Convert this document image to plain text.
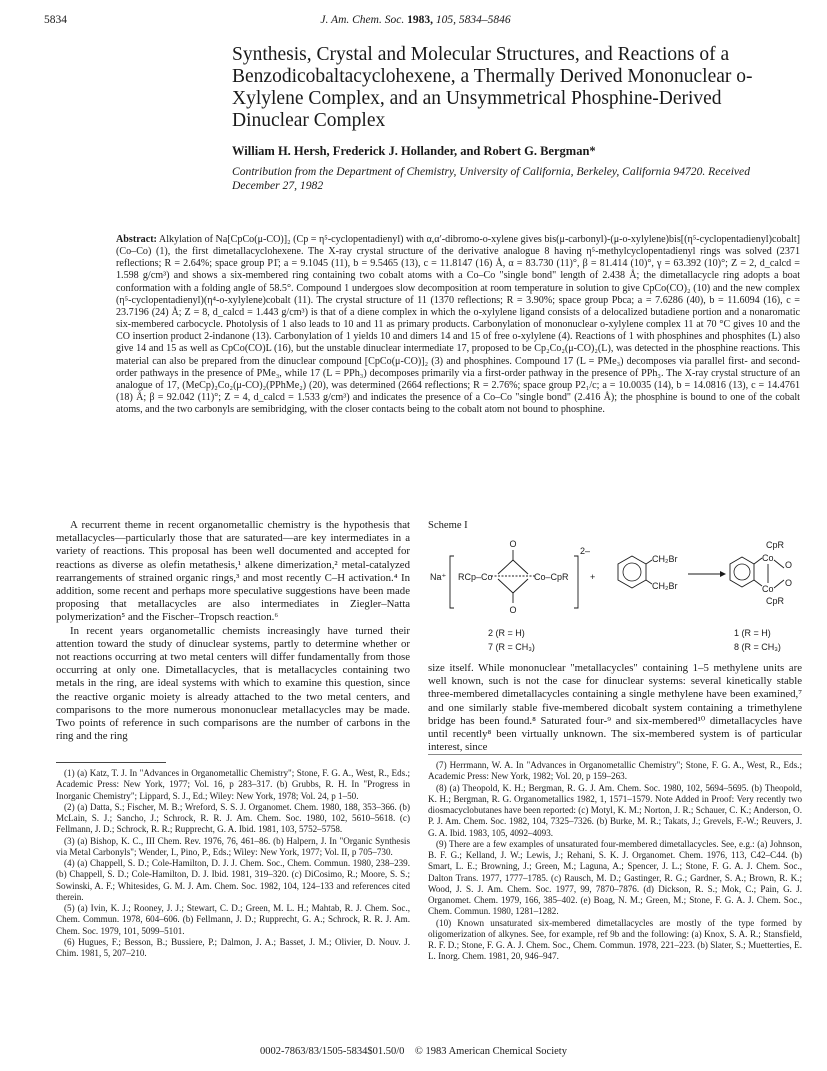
5834	J. Am. Chem. Soc. 1983, 105, 5834–5846
Synthesis, Crystal and Molecular Structures, and Reactions of a Benzodicobaltacyclohexene, a Thermally Derived Mononuclear o-Xylylene Complex, and an Unsymmetrical Phosphine-Derived Dinuclear Complex
William H. Hersh, Frederick J. Hollander, and Robert G. Bergman*
Contribution from the Department of Chemistry, University of California, Berkeley, California 94720. Received December 27, 1982
Abstract: Alkylation of Na[CpCo(μ-CO)]₂ (Cp = η⁵-cyclopentadienyl) with α,α′-dibromo-o-xylene gives bis(μ-carbonyl)-(μ-o-xylylene)bis[(η⁵-cyclopentadienyl)cobalt](Co–Co) (1), the first dimetallacyclohexene. The X-ray crystal structure of the derivative analogue 8 having η⁵-methylcyclopentadienyl rings was solved (2371 reflections; R = 2.64%; space group P1̄; a = 9.1045 (11), b = 9.5465 (13), c = 11.8147 (16) Å, α = 83.730 (11)°, β = 81.414 (10)°, γ = 63.392 (10)°; Z = 2, d_calcd = 1.598 g/cm³) and shows a six-membered ring containing two cobalt atoms with a Co–Co "single bond" length of 2.438 Å; the dimetallacycle ring adopts a boat conformation with a folding angle of 58.5°. Compound 1 undergoes slow decomposition at room temperature in solution to give CpCo(CO)₂ (10) and the new complex (η⁵-cyclopentadienyl)(η⁴-o-xylylene)cobalt (11). The crystal structure of 11 (1370 reflections; R = 3.90%; space group Pbca; a = 7.6286 (40), b = 11.6094 (16), c = 23.7196 (24) Å; Z = 8, d_calcd = 1.443 g/cm³) is that of a diene complex in which the o-xylylene ligand consists of a delocalized butadiene portion and a nonaromatic six-membered carbocycle. Photolysis of 1 also leads to 10 and 11 as primary products. Carbonylation of mononuclear o-xylylene complex 11 at 70 °C gives 10 and the CO insertion product 2-indanone (13). Carbonylation of 1 yields 10 and dimers 14 and 15 of free o-xylylene (4). Reactions of 1 with phosphines and phosphites (L) also give 14 and 15 as well as CpCo(CO)L (16), but the unstable dinuclear intermediate 17, proposed to be Cp₂Co₂(μ-CO)₂(L), was detected in the phosphine reactions. This material can also be prepared from the dinuclear compound [CpCo(μ-CO)]₂ (3) and phosphines. Compound 17 (L = PMe₃) decomposes via parallel first- and second-order pathways in the presence of PMe₃, while 17 (L = PPh₃) decomposes primarily via a first-order pathway in the presence of PPh₃. The X-ray crystal structure of an analogue of 17, (MeCp)₂Co₂(μ-CO)₂(PPhMe₂) (20), was determined (2664 reflections; R = 2.76%; space group P2₁/c; a = 10.0035 (14), b = 14.0816 (13), c = 14.4761 (18) Å; β = 92.042 (11)°; Z = 4, d_calcd = 1.533 g/cm³) and indicates the presence of a Co–Co "single bond" (2.416 Å); the phosphine is bound to one of the cobalt atoms, and the two carbonyls are semibridging, with the closer contacts being to the cobalt atom not bound to phosphine.

A recurrent theme in recent organometallic chemistry is the hypothesis that metallacycles—particularly those that are saturated—are key intermediates in a variety of reactions. This proposal has been well documented and accepted for reactions as diverse as olefin metathesis,¹ alkene dimerization,² metal-catalyzed rearrangements of strained organic rings,³ and most recently C–H activation.⁴ In addition, some recent and perhaps more speculative suggestions have been made proposing that metallacycles are also intermediates in Ziegler–Natta polymerization⁵ and the Fischer–Tropsch reaction.⁶

In recent years organometallic chemists increasingly have turned their attention toward the study of dinuclear systems, partly to determine whether or not reactions occurring at two metal centers will differ fundamentally from those occurring at only one. Dimetallacycles, that is metallacycles containing two metals in the ring, are ideal systems with which to examine this question, since the reactive organic moiety is already attached to the two metal centers, and comparisons to the more numerous mononuclear metallacycles may be made. Two points of reference in such comparisons are the number of carbons in the ring and the ring

Scheme I
Na⁺ RCp–Co
O
O
Co–CpR
2–
+
CH₂Br
CH₂Br
Co
Co
O
O
CpR
CpR
2 (R = H)
7 (R = CH₃)
1 (R = H)
8 (R = CH₃)
size itself. While mononuclear "metallacycles" containing 1–5 methylene units are well known, such is not the case for dinuclear systems: several kinetically stable three-membered dimetallacycles containing a single methylene have been examined,⁷ and one similarly stable five-membered dicobalt system containing a trimethylene bridge has been found.⁸ Saturated four-⁹ and six-membered¹⁰ dimetallacycles have until recently⁸ been virtually unknown. The six-membered system is of particular interest, since

(1) (a) Katz, T. J. In "Advances in Organometallic Chemistry"; Stone, F. G. A., West, R., Eds.; Academic Press: New York, 1977; Vol. 16, p 283–317. (b) Grubbs, R. H. In "Progress in Inorganic Chemistry"; Lippard, S. J., Ed.; Wiley: New York, 1978; Vol. 24, p 1–50.

(2) (a) Datta, S.; Fischer, M. B.; Wreford, S. S. J. Organomet. Chem. 1980, 188, 353–366. (b) McLain, S. J.; Sancho, J.; Schrock, R. R. J. Am. Chem. Soc. 1980, 102, 5610–5618. (c) Fellmann, J. D.; Schrock, R. R.; Rupprecht, G. A. Ibid. 1981, 103, 5752–5758.

(3) (a) Bishop, K. C., III Chem. Rev. 1976, 76, 461–86. (b) Halpern, J. In "Organic Synthesis via Metal Carbonyls"; Wender, I., Pino, P., Eds.; Wiley: New York, 1977; Vol. II, p 705–730.

(4) (a) Chappell, S. D.; Cole-Hamilton, D. J. J. Chem. Soc., Chem. Commun. 1980, 238–239. (b) Chappell, S. D.; Cole-Hamilton, D. J. Ibid. 1981, 319–320. (c) DiCosimo, R.; Moore, S. S.; Sowinski, A. F.; Whitesides, G. M. J. Am. Chem. Soc. 1982, 104, 124–133 and references cited therein.

(5) (a) Ivin, K. J.; Rooney, J. J.; Stewart, C. D.; Green, M. L. H.; Mahtab, R. J. Chem. Soc., Chem. Commun. 1978, 604–606. (b) Fellmann, J. D.; Rupprecht, G. A.; Schrock, R. R. J. Am. Chem. Soc. 1979, 101, 5099–5101.

(6) Hugues, F.; Besson, B.; Bussiere, P.; Dalmon, J. A.; Basset, J. M.; Olivier, D. Nouv. J. Chim. 1981, 5, 207–210.

(7) Herrmann, W. A. In "Advances in Organometallic Chemistry"; Stone, F. G. A., West, R., Eds.; Academic Press: New York, 1982; Vol. 20, p 159–263.

(8) (a) Theopold, K. H.; Bergman, R. G. J. Am. Chem. Soc. 1980, 102, 5694–5695. (b) Theopold, K. H.; Bergman, R. G. Organometallics 1982, 1, 1571–1579. Note Added in Proof: Very recently two diosmacyclobutanes have been reported: (c) Motyl, K. M.; Norton, J. R.; Schauer, C. K.; Anderson, O. P. J. Am. Chem. Soc. 1982, 104, 7325–7326. (b) Burke, M. R.; Takats, J.; Grevels, F.-W.; Reuvers, J. G. A. Ibid. 1983, 105, 4092–4093.

(9) There are a few examples of unsaturated four-membered dimetallacycles. See, e.g.: (a) Johnson, B. F. G.; Kelland, J. W.; Lewis, J.; Rehani, S. K. J. Organomet. Chem. 1976, 113, C42–C44. (b) Smart, L. E.; Browning, J.; Green, M.; Laguna, A.; Spencer, J. L.; Stone, F. G. A. J. Chem. Soc., Dalton Trans. 1977, 1777–1785. (c) Rausch, M. D.; Gastinger, R. G.; Gardner, S. A.; Brown, R. K.; Wood, J. S. J. Am. Chem. Soc. 1977, 99, 7870–7876. (d) Dickson, R. S.; Mok, C.; Pain, G. J. Organomet. Chem. 1979, 166, 385–402. (e) Boag, N. M.; Green, M.; Stone, F. G. A. J. Chem. Soc., Chem. Commun. 1980, 1281–1282.

(10) Known unsaturated six-membered dimetallacycles are mostly of the type formed by oligomerization of alkynes. See, for example, ref 9b and the following: (a) Knox, S. A. R.; Stansfield, R. F. D.; Stone, F. G. A. J. Chem. Soc., Chem. Commun. 1978, 221–223. (b) Slater, S.; Muetterties, E. L. Inorg. Chem. 1981, 20, 946–947.

0002-7863/83/1505-5834$01.50/0 © 1983 American Chemical Society
